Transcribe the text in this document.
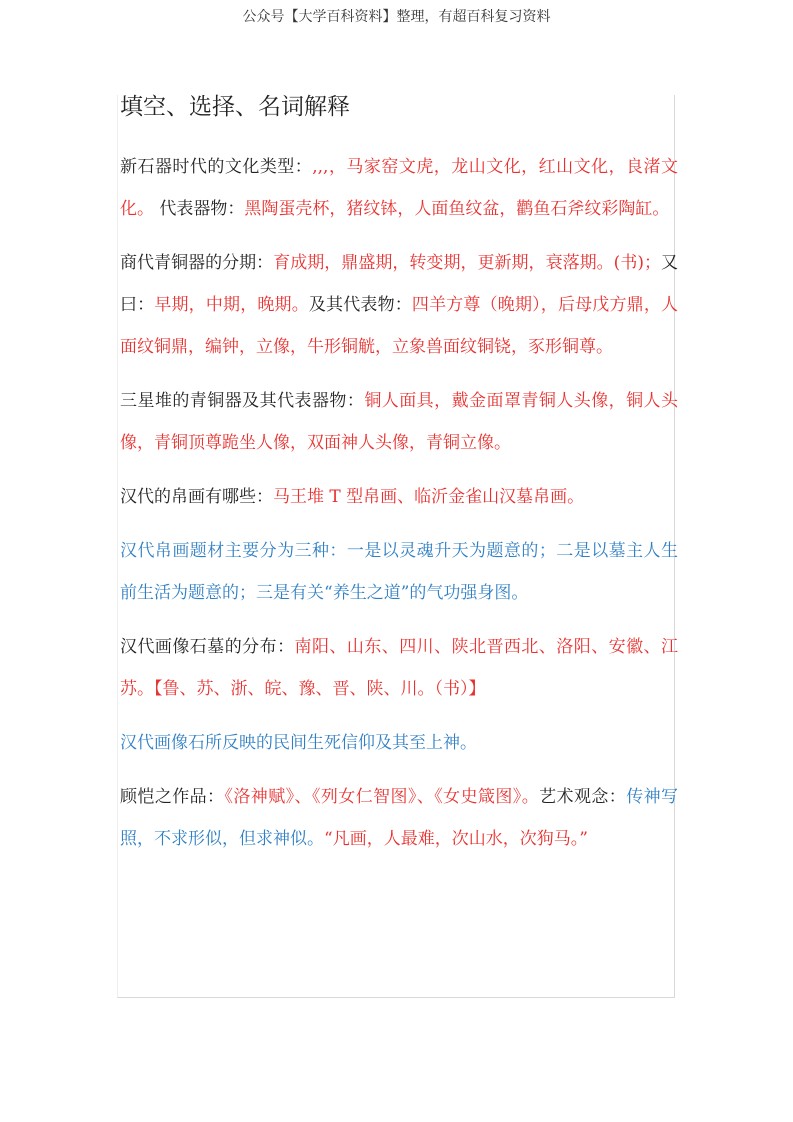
公众号【大学百科资料】整理，有超百科复习资料
填空、选择、名词解释

新石器时代的文化类型：,,,，马家窑文虎，龙山文化，红山文化，良渚文化。 代表器物：黑陶蛋壳杯，猪纹钵，人面鱼纹盆，鹳鱼石斧纹彩陶缸。

商代青铜器的分期：育成期，鼎盛期，转变期，更新期，衰落期。(书)；又曰：早期，中期，晚期。及其代表物：四羊方尊（晚期），后母戊方鼎，人面纹铜鼎，编钟，立像，牛形铜觥，立象兽面纹铜铙，豕形铜尊。

三星堆的青铜器及其代表器物：铜人面具，戴金面罩青铜人头像，铜人头像，青铜顶尊跪坐人像，双面神人头像，青铜立像。

汉代的帛画有哪些：马王堆 T 型帛画、临沂金雀山汉墓帛画。

汉代帛画题材主要分为三种：一是以灵魂升天为题意的；二是以墓主人生前生活为题意的；三是有关“养生之道”的气功强身图。

汉代画像石墓的分布：南阳、山东、四川、陕北晋西北、洛阳、安徽、江苏。【鲁、苏、浙、皖、豫、晋、陕、川。（书）】

汉代画像石所反映的民间生死信仰及其至上神。

顾恺之作品：《洛神赋》、《列女仁智图》、《女史箴图》。艺术观念：传神写照，不求形似，但求神似。“凡画，人最难，次山水，次狗马。”
